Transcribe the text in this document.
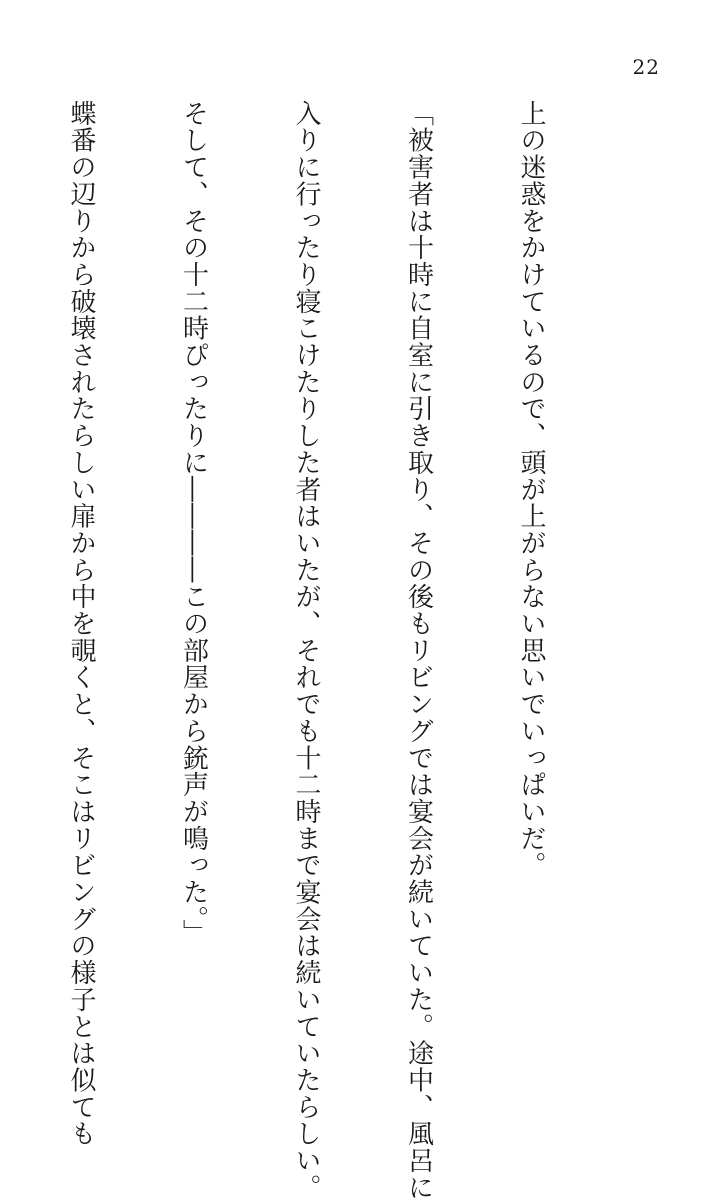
22

上の迷惑をかけているので、頭が上がらない思いでいっぱいだ。

「被害者は十時に自室に引き取り、その後もリビングでは宴会が続いていた。途中、風呂に

入りに行ったり寝こけたりした者はいたが、それでも十二時まで宴会は続いていたらしい。

そして、その十二時ぴったりに――――この部屋から銃声が鳴った。」

蝶番の辺りから破壊されたらしい扉から中を覗くと、そこはリビングの様子とは似ても
